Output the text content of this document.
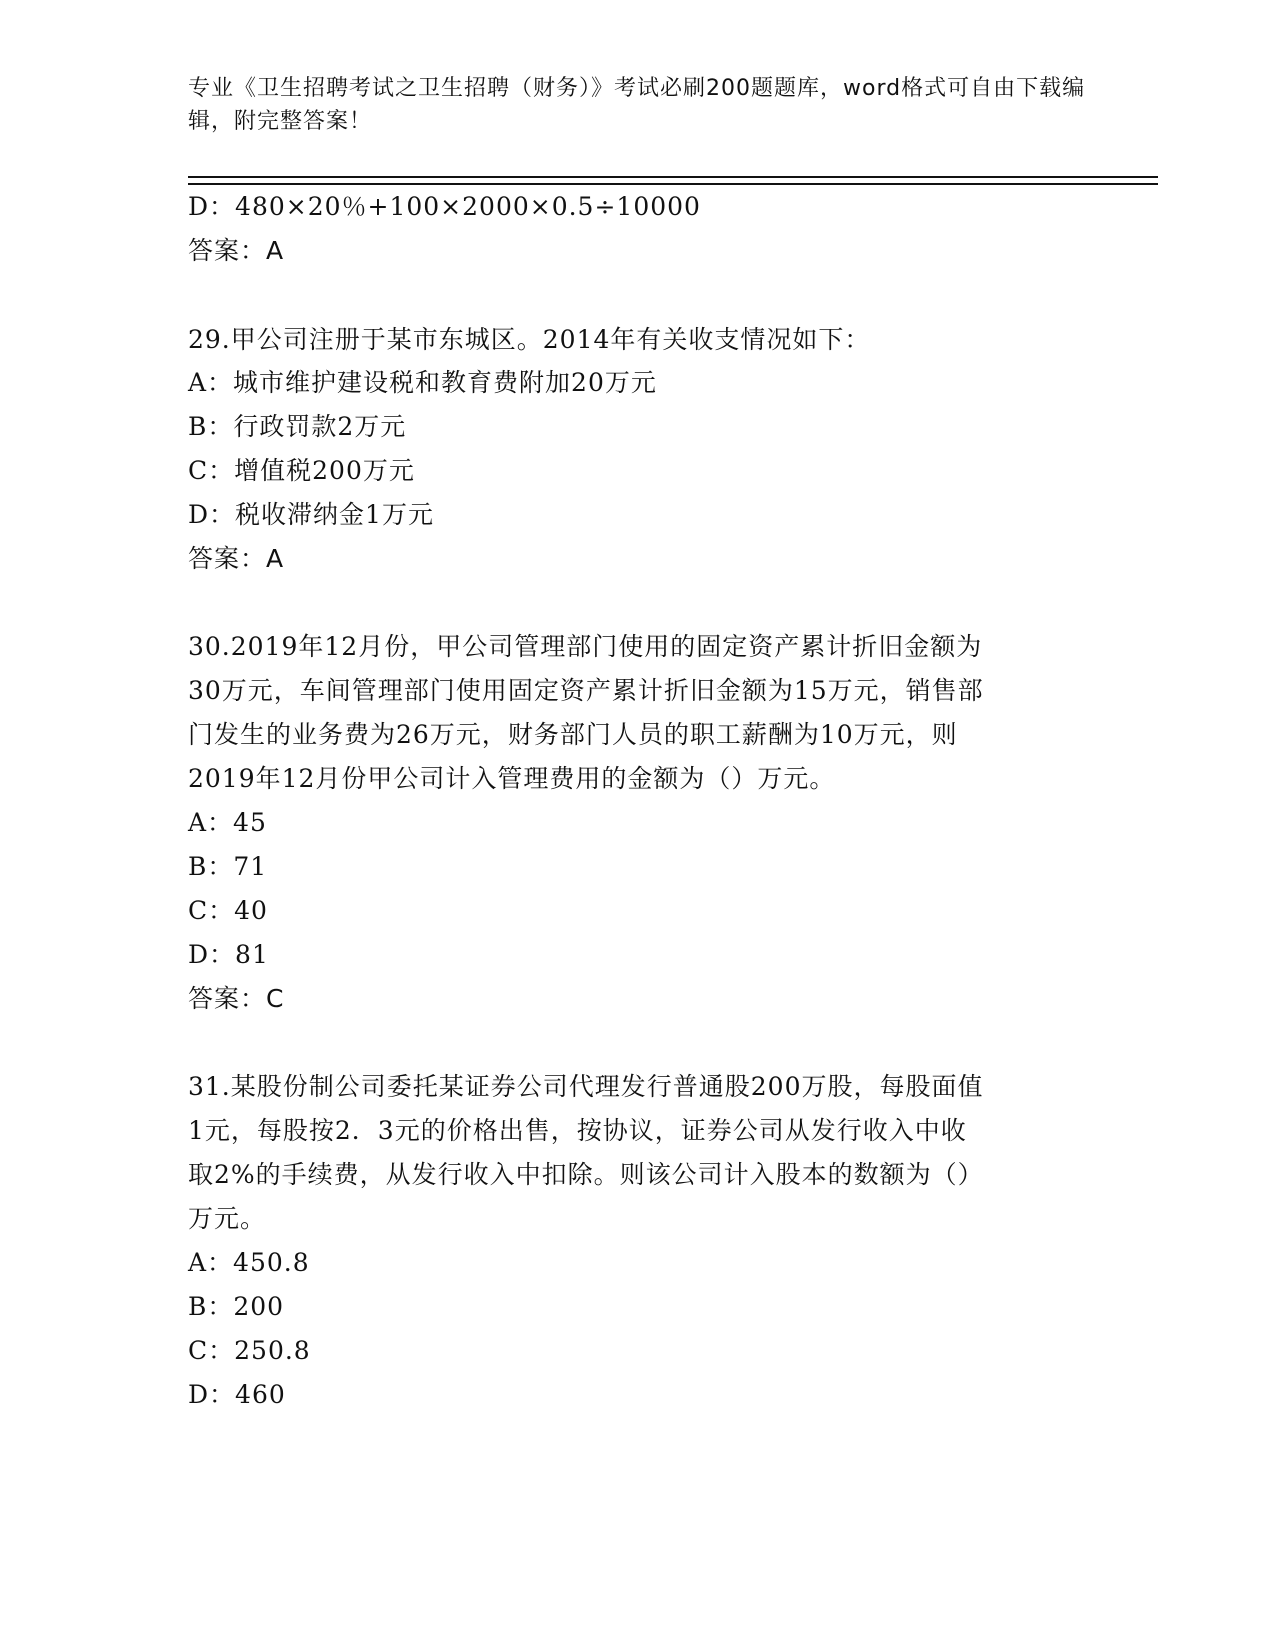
专业《卫生招聘考试之卫生招聘（财务）》考试必刷200题题库，word格式可自由下载编辑，附完整答案！
D：480×20％+100×2000×0.5÷10000
答案：A
29.甲公司注册于某市东城区。2014年有关收支情况如下：
A：城市维护建设税和教育费附加20万元
B：行政罚款2万元
C：增值税200万元
D：税收滞纳金1万元
答案：A
30.2019年12月份，甲公司管理部门使用的固定资产累计折旧金额为
30万元，车间管理部门使用固定资产累计折旧金额为15万元，销售部
门发生的业务费为26万元，财务部门人员的职工薪酬为10万元，则
2019年12月份甲公司计入管理费用的金额为（）万元。
A：45
B：71
C：40
D：81
答案：C
31.某股份制公司委托某证券公司代理发行普通股200万股，每股面值
1元，每股按2．3元的价格出售，按协议，证券公司从发行收入中收
取2%的手续费，从发行收入中扣除。则该公司计入股本的数额为（）
万元。
A：450.8
B：200
C：250.8
D：460
